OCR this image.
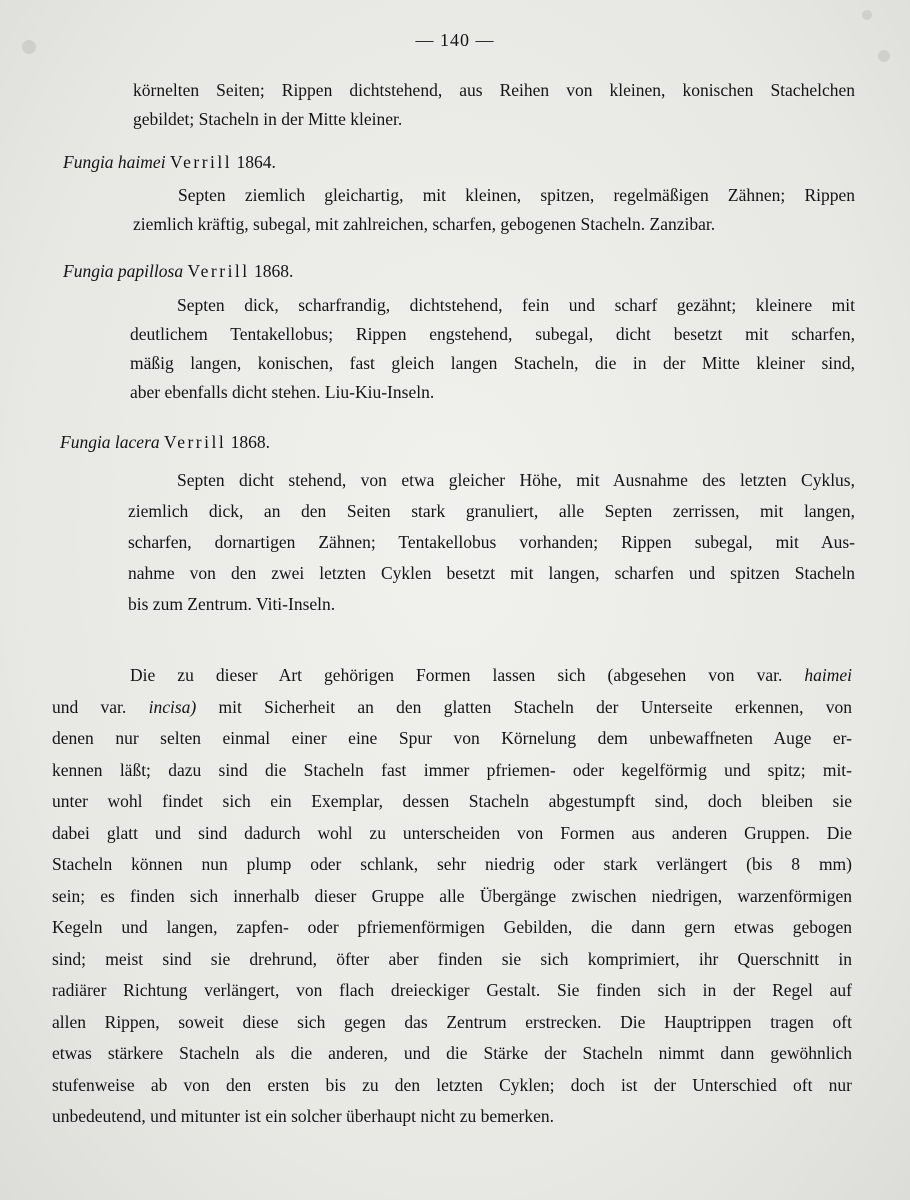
— 140 —
körnelten Seiten; Rippen dichtstehend, aus Reihen von kleinen, konischen Stachelchen
gebildet; Stacheln in der Mitte kleiner.
Fungia haimei Verrill 1864.
Septen ziemlich gleichartig, mit kleinen, spitzen, regelmäßigen Zähnen; Rippen
ziemlich kräftig, subegal, mit zahlreichen, scharfen, gebogenen Stacheln. Zanzibar.
Fungia papillosa Verrill 1868.
Septen dick, scharfrandig, dichtstehend, fein und scharf gezähnt; kleinere mit
deutlichem Tentakellobus; Rippen engstehend, subegal, dicht besetzt mit scharfen,
mäßig langen, konischen, fast gleich langen Stacheln, die in der Mitte kleiner sind,
aber ebenfalls dicht stehen. Liu-Kiu-Inseln.
Fungia lacera Verrill 1868.
Septen dicht stehend, von etwa gleicher Höhe, mit Ausnahme des letzten Cyklus,
ziemlich dick, an den Seiten stark granuliert, alle Septen zerrissen, mit langen,
scharfen, dornartigen Zähnen; Tentakellobus vorhanden; Rippen subegal, mit Aus-
nahme von den zwei letzten Cyklen besetzt mit langen, scharfen und spitzen Stacheln
bis zum Zentrum. Viti-Inseln.
Die zu dieser Art gehörigen Formen lassen sich (abgesehen von var. haimei
und var. incisa) mit Sicherheit an den glatten Stacheln der Unterseite erkennen, von
denen nur selten einmal einer eine Spur von Körnelung dem unbewaffneten Auge er-
kennen läßt; dazu sind die Stacheln fast immer pfriemen- oder kegelförmig und spitz; mit-
unter wohl findet sich ein Exemplar, dessen Stacheln abgestumpft sind, doch bleiben sie
dabei glatt und sind dadurch wohl zu unterscheiden von Formen aus anderen Gruppen. Die
Stacheln können nun plump oder schlank, sehr niedrig oder stark verlängert (bis 8 mm)
sein; es finden sich innerhalb dieser Gruppe alle Übergänge zwischen niedrigen, warzenförmigen
Kegeln und langen, zapfen- oder pfriemenförmigen Gebilden, die dann gern etwas gebogen
sind; meist sind sie drehrund, öfter aber finden sie sich komprimiert, ihr Querschnitt in
radiärer Richtung verlängert, von flach dreieckiger Gestalt. Sie finden sich in der Regel auf
allen Rippen, soweit diese sich gegen das Zentrum erstrecken. Die Hauptrippen tragen oft
etwas stärkere Stacheln als die anderen, und die Stärke der Stacheln nimmt dann gewöhnlich
stufenweise ab von den ersten bis zu den letzten Cyklen; doch ist der Unterschied oft nur
unbedeutend, und mitunter ist ein solcher überhaupt nicht zu bemerken.
